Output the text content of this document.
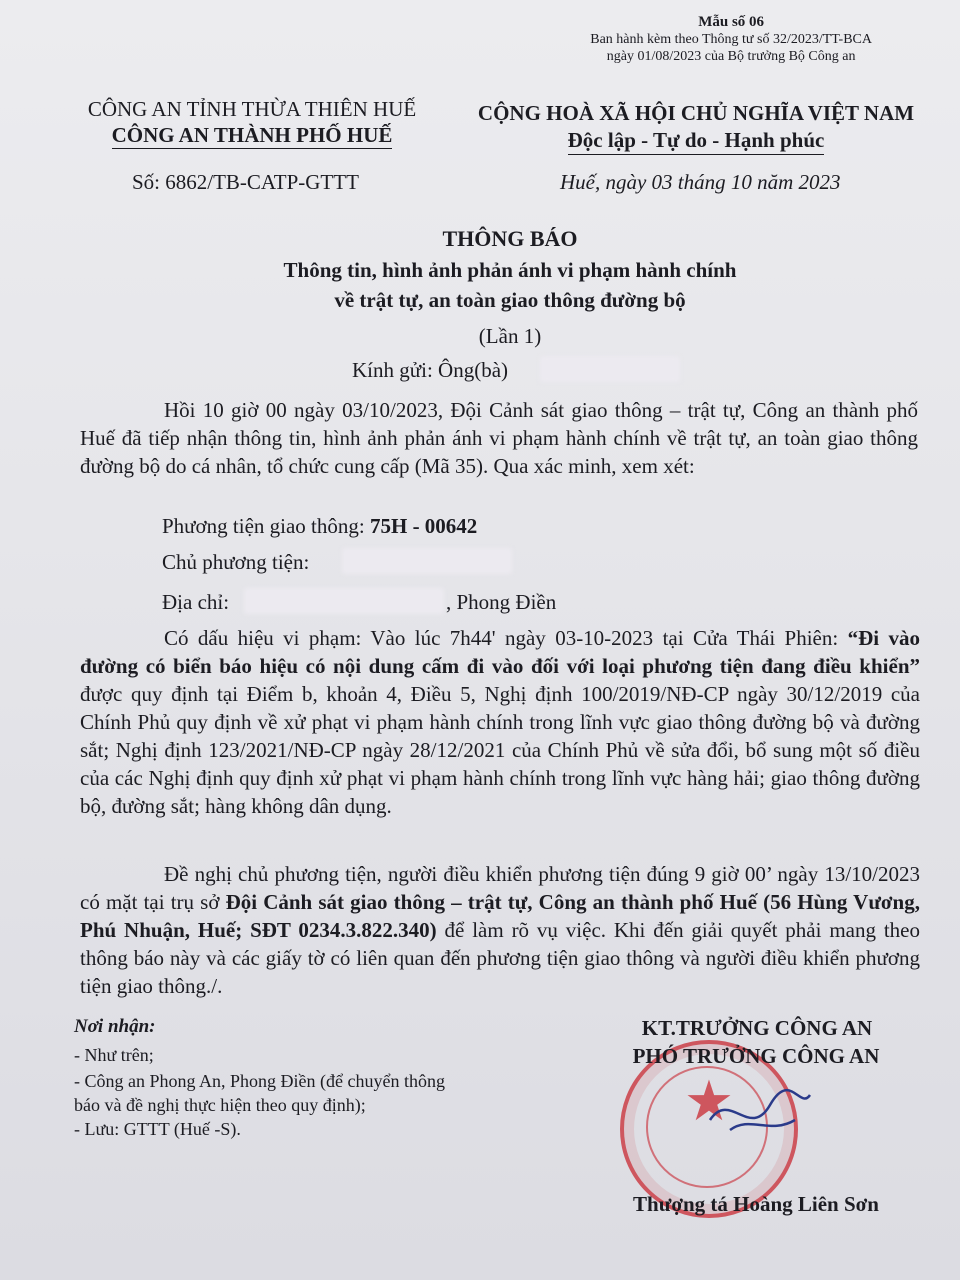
Mẫu số 06
Ban hành kèm theo Thông tư số 32/2023/TT-BCA
ngày 01/08/2023 của Bộ trưởng Bộ Công an
CÔNG AN TỈNH THỪA THIÊN HUẾ
CÔNG AN THÀNH PHỐ HUẾ
CỘNG HOÀ XÃ HỘI CHỦ NGHĨA VIỆT NAM
Độc lập - Tự do - Hạnh phúc
Số: 6862/TB-CATP-GTTT	Huế, ngày 03 tháng 10 năm 2023
THÔNG BÁO
Thông tin, hình ảnh phản ánh vi phạm hành chính
về trật tự, an toàn giao thông đường bộ
(Lần 1)
Kính gửi: Ông(bà)
Hồi 10 giờ 00 ngày 03/10/2023, Đội Cảnh sát giao thông – trật tự, Công an thành phố Huế đã tiếp nhận thông tin, hình ảnh phản ánh vi phạm hành chính về trật tự, an toàn giao thông đường bộ do cá nhân, tổ chức cung cấp (Mã 35). Qua xác minh, xem xét:
Phương tiện giao thông: 75H - 00642
Chủ phương tiện:
Địa chỉ:	, Phong Điền
Có dấu hiệu vi phạm: Vào lúc 7h44' ngày 03-10-2023 tại Cửa Thái Phiên: “Đi vào đường có biển báo hiệu có nội dung cấm đi vào đối với loại phương tiện đang điều khiển” được quy định tại Điểm b, khoản 4, Điều 5, Nghị định 100/2019/NĐ-CP ngày 30/12/2019 của Chính Phủ quy định về xử phạt vi phạm hành chính trong lĩnh vực giao thông đường bộ và đường sắt; Nghị định 123/2021/NĐ-CP ngày 28/12/2021 của Chính Phủ về sửa đổi, bổ sung một số điều của các Nghị định quy định xử phạt vi phạm hành chính trong lĩnh vực hàng hải; giao thông đường bộ, đường sắt; hàng không dân dụng.
Đề nghị chủ phương tiện, người điều khiển phương tiện đúng 9 giờ 00’ ngày 13/10/2023 có mặt tại trụ sở Đội Cảnh sát giao thông – trật tự, Công an thành phố Huế (56 Hùng Vương, Phú Nhuận, Huế; SĐT 0234.3.822.340) để làm rõ vụ việc. Khi đến giải quyết phải mang theo thông báo này và các giấy tờ có liên quan đến phương tiện giao thông và người điều khiển phương tiện giao thông./.
Nơi nhận:
- Như trên;
- Công an Phong An, Phong Điền (để chuyển thông
báo và đề nghị thực hiện theo quy định);
- Lưu: GTTT (Huế -S).	★
KT.TRƯỞNG CÔNG AN
PHÓ TRƯỞNG CÔNG AN
Thượng tá Hoàng Liên Sơn
